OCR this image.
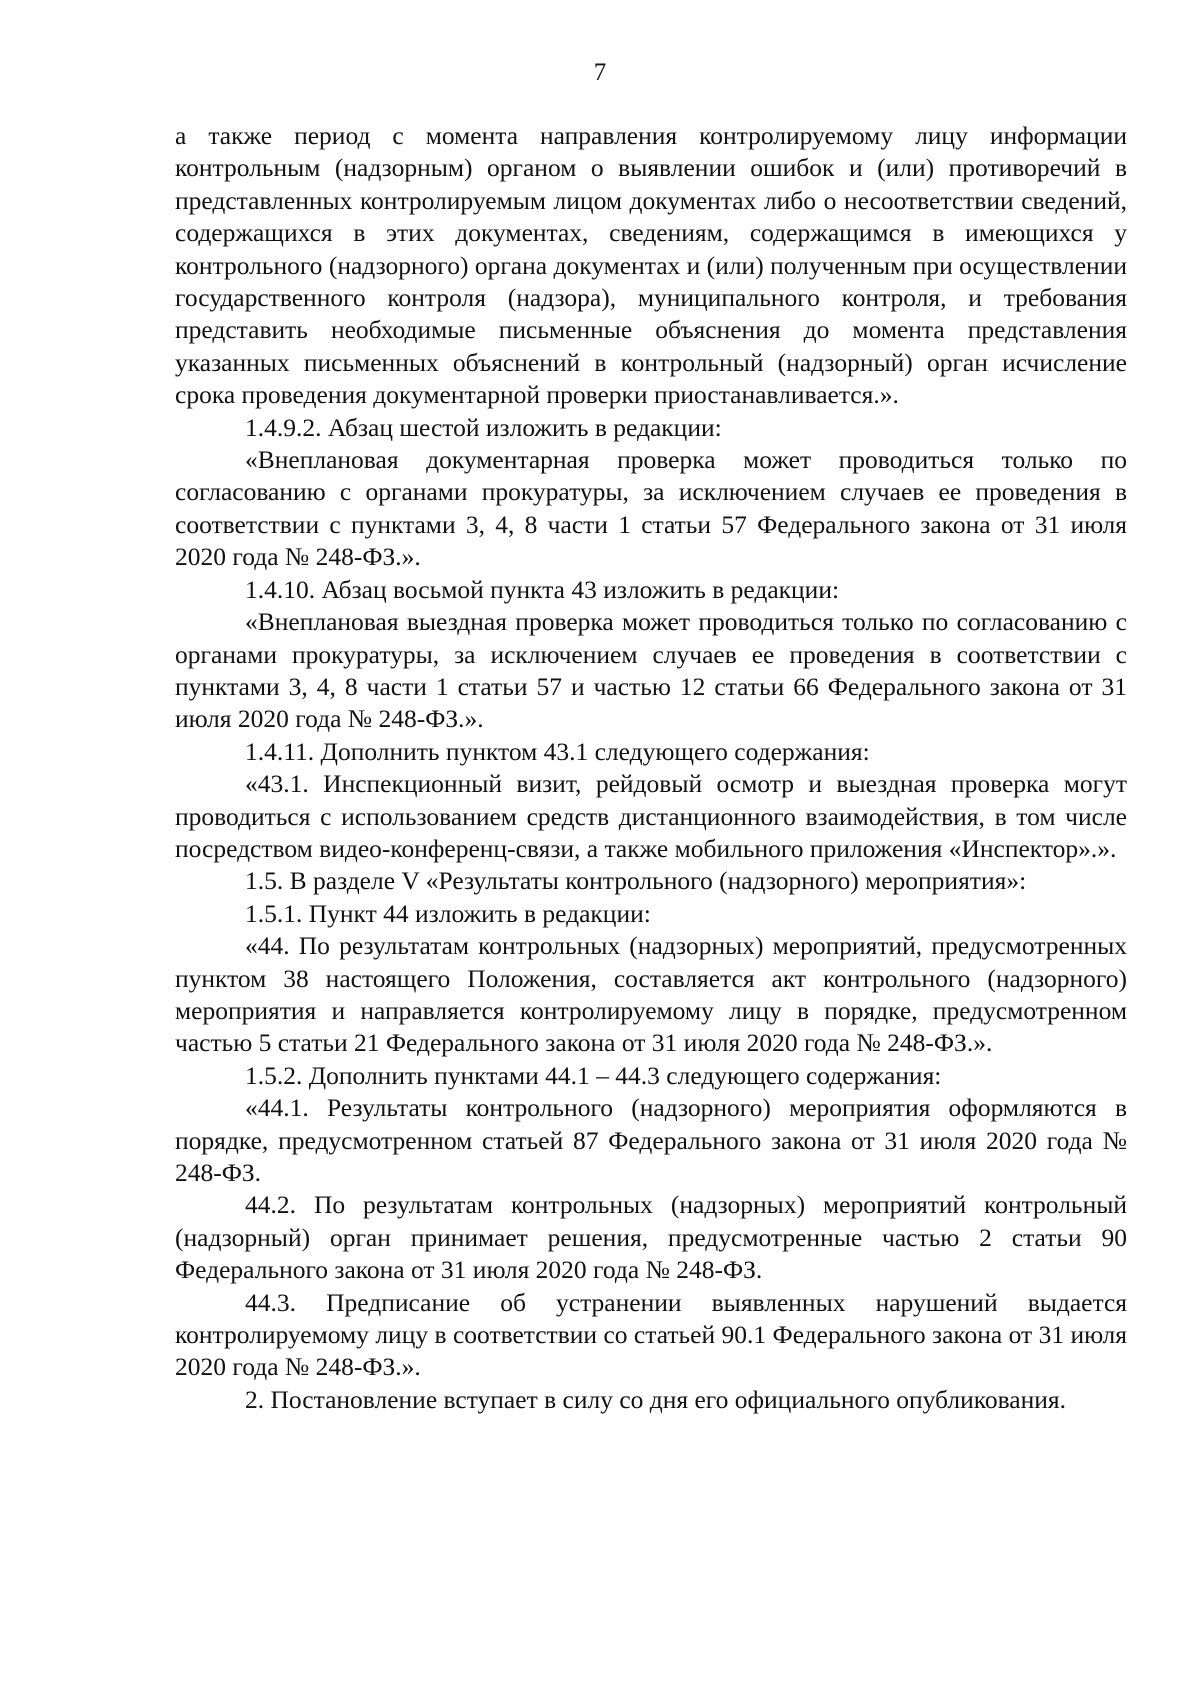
7

а также период с момента направления контролируемому лицу информации контрольным (надзорным) органом о выявлении ошибок и (или) противоречий в представленных контролируемым лицом документах либо о несоответствии сведений, содержащихся в этих документах, сведениям, содержащимся в имеющихся у контрольного (надзорного) органа документах и (или) полученным при осуществлении государственного контроля (надзора), муниципального контроля, и требования представить необходимые письменные объяснения до момента представления указанных письменных объяснений в контрольный (надзорный) орган исчисление срока проведения документарной проверки приостанавливается.».

1.4.9.2. Абзац шестой изложить в редакции:

«Внеплановая документарная проверка может проводиться только по согласованию с органами прокуратуры, за исключением случаев ее проведения в соответствии с пунктами 3, 4, 8 части 1 статьи 57 Федерального закона от 31 июля 2020 года № 248-ФЗ.».

1.4.10. Абзац восьмой пункта 43 изложить в редакции:

«Внеплановая выездная проверка может проводиться только по согласованию с органами прокуратуры, за исключением случаев ее проведения в соответствии с пунктами 3, 4, 8 части 1 статьи 57 и частью 12 статьи 66 Федерального закона от 31 июля 2020 года № 248-ФЗ.».

1.4.11. Дополнить пунктом 43.1 следующего содержания:

«43.1. Инспекционный визит, рейдовый осмотр и выездная проверка могут проводиться с использованием средств дистанционного взаимодействия, в том числе посредством видео-конференц-связи, а также мобильного приложения «Инспектор».».

1.5. В разделе V «Результаты контрольного (надзорного) мероприятия»:

1.5.1. Пункт 44 изложить в редакции:

«44. По результатам контрольных (надзорных) мероприятий, предусмотренных пунктом 38 настоящего Положения, составляется акт контрольного (надзорного) мероприятия и направляется контролируемому лицу в порядке, предусмотренном частью 5 статьи 21 Федерального закона от 31 июля 2020 года № 248-ФЗ.».

1.5.2. Дополнить пунктами 44.1 – 44.3 следующего содержания:

«44.1. Результаты контрольного (надзорного) мероприятия оформляются в порядке, предусмотренном статьей 87 Федерального закона от 31 июля 2020 года № 248-ФЗ.

44.2. По результатам контрольных (надзорных) мероприятий контрольный (надзорный) орган принимает решения, предусмотренные частью 2 статьи 90 Федерального закона от 31 июля 2020 года № 248-ФЗ.

44.3. Предписание об устранении выявленных нарушений выдается контролируемому лицу в соответствии со статьей 90.1 Федерального закона от 31 июля 2020 года № 248-ФЗ.».

2. Постановление вступает в силу со дня его официального опубликования.
